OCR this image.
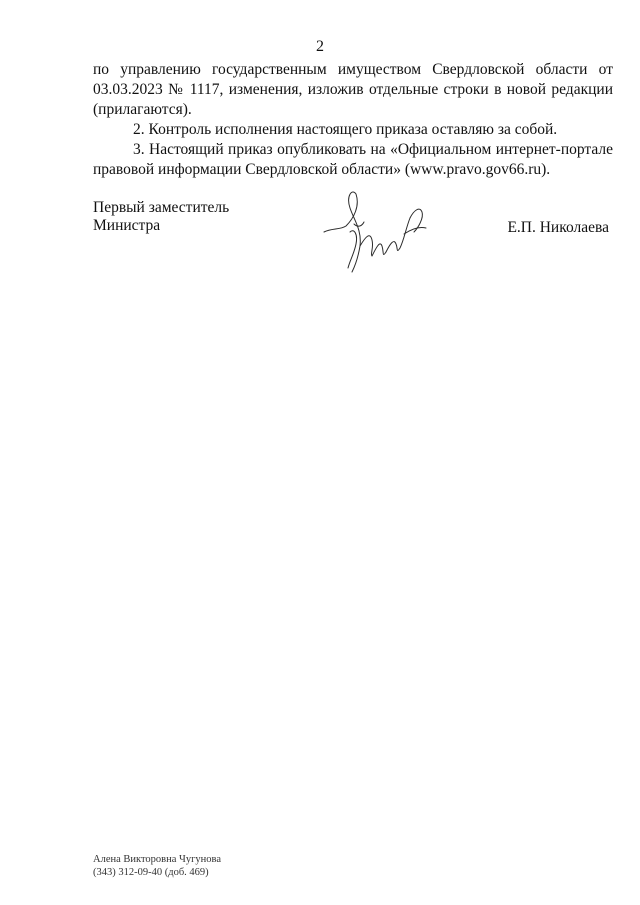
2

по управлению государственным имуществом Свердловской области от 03.03.2023 № 1117, изменения, изложив отдельные строки в новой редакции (прилагаются).

2. Контроль исполнения настоящего приказа оставляю за собой.

3. Настоящий приказ опубликовать на «Официальном интернет-портале правовой информации Свердловской области» (www.pravo.gov66.ru).

Первый заместитель
Министра	Е.П. Николаева
Алена Викторовна Чугунова
(343) 312-09-40 (доб. 469)
